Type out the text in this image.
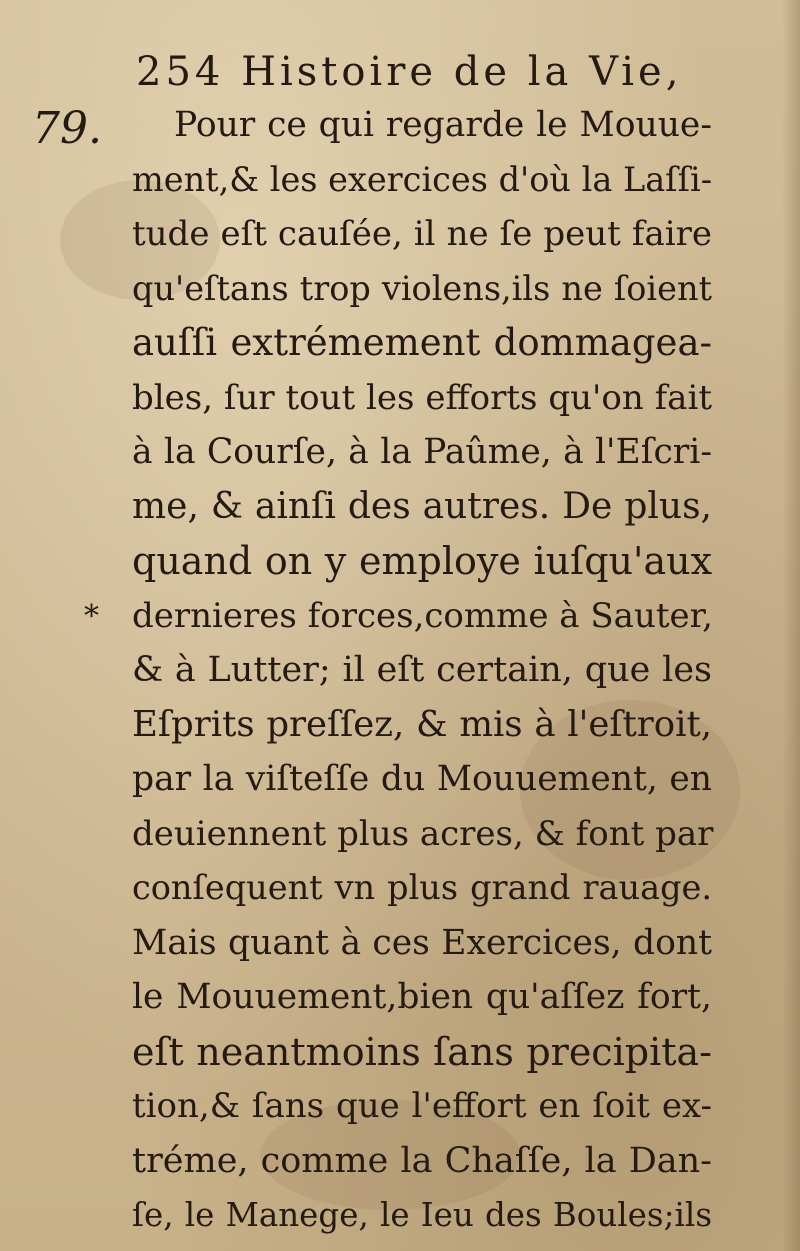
254 Histoire de la Vie,
79.
*
Pour ce qui regarde le Mouue-
ment,& les exercices d'où la Laſſi-
tude eſt cauſée, il ne ſe peut faire
qu'eſtans trop violens,ils ne ſoient
auſſi extrémement dommagea-
bles, ſur tout les efforts qu'on fait
à la Courſe, à la Paûme, à l'Eſcri-
me, & ainſi des autres. De plus,
quand on y employe iuſqu'aux
dernieres forces,comme à Sauter,
& à Lutter; il eſt certain, que les
Eſprits preſſez, & mis à l'eſtroit,
par la viſteſſe du Mouuement, en
deuiennent plus acres, & font par
conſequent vn plus grand rauage.
Mais quant à ces Exercices, dont
le Mouuement,bien qu'aſſez fort,
eſt neantmoins ſans precipita-
tion,& ſans que l'effort en ſoit ex-
tréme, comme la Chaſſe, la Dan-
ſe, le Manege, le Ieu des Boules;ils
